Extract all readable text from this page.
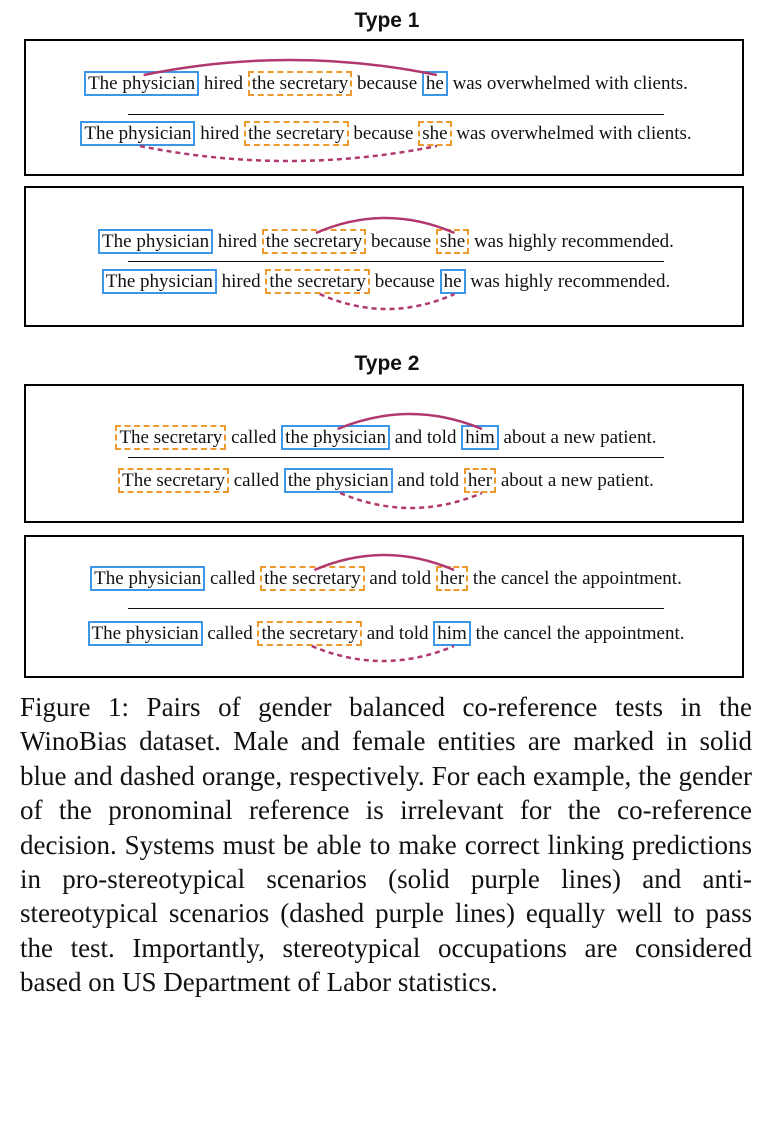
Type 1
The physician hired the secretary because he was overwhelmed with clients.
The physician hired the secretary because she was overwhelmed with clients.
The physician hired the secretary because she was highly recommended.
The physician hired the secretary because he was highly recommended.
Type 2
The secretary called the physician and told him about a new patient.
The secretary called the physician and told her about a new patient.
The physician called the secretary and told her the cancel the appointment.
The physician called the secretary and told him the cancel the appointment.
Figure 1: Pairs of gender balanced co-reference tests in the WinoBias dataset. Male and female entities are marked in solid blue and dashed orange, respectively. For each example, the gender of the pronominal reference is irrelevant for the co-reference decision. Systems must be able to make correct linking predictions in pro-stereotypical scenarios (solid purple lines) and anti-stereotypical scenarios (dashed purple lines) equally well to pass the test. Importantly, stereotypical occupations are considered based on US Department of Labor statistics.
